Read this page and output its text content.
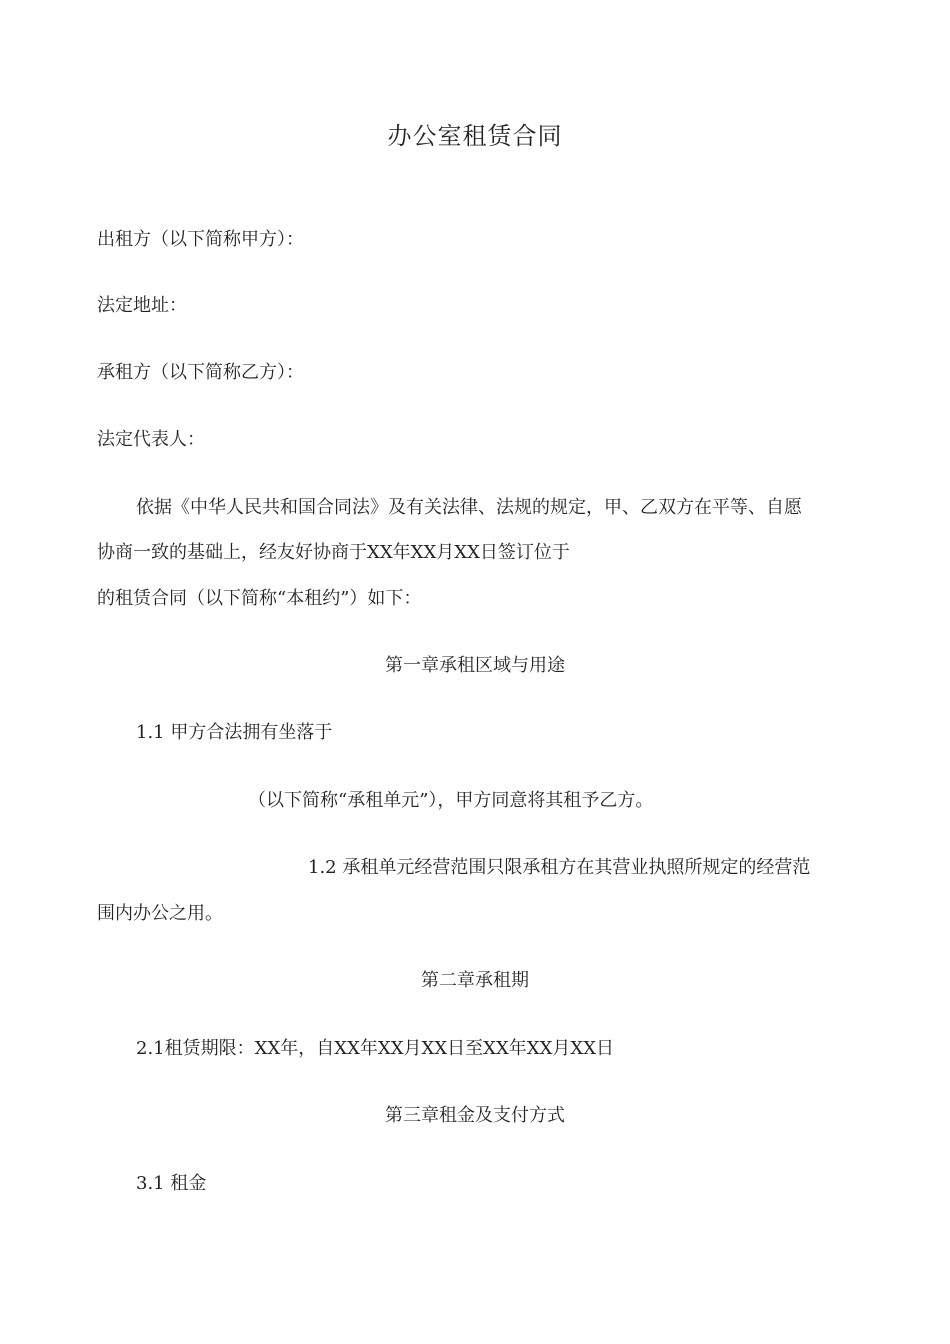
办公室租赁合同
出租方（以下简称甲方）：
法定地址：
承租方（以下简称乙方）：
法定代表人：
依据《中华人民共和国合同法》及有关法律、法规的规定，甲、乙双方在平等、自愿
协商一致的基础上，经友好协商于XX年XX月XX日签订位于
的租赁合同（以下简称“本租约”）如下：
第一章承租区域与用途
1.1 甲方合法拥有坐落于
（以下简称“承租单元”），甲方同意将其租予乙方。
1.2 承租单元经营范围只限承租方在其营业执照所规定的经营范
围内办公之用。
第二章承租期
2.1租赁期限：XX年，自XX年XX月XX日至XX年XX月XX日
第三章租金及支付方式
3.1 租金
